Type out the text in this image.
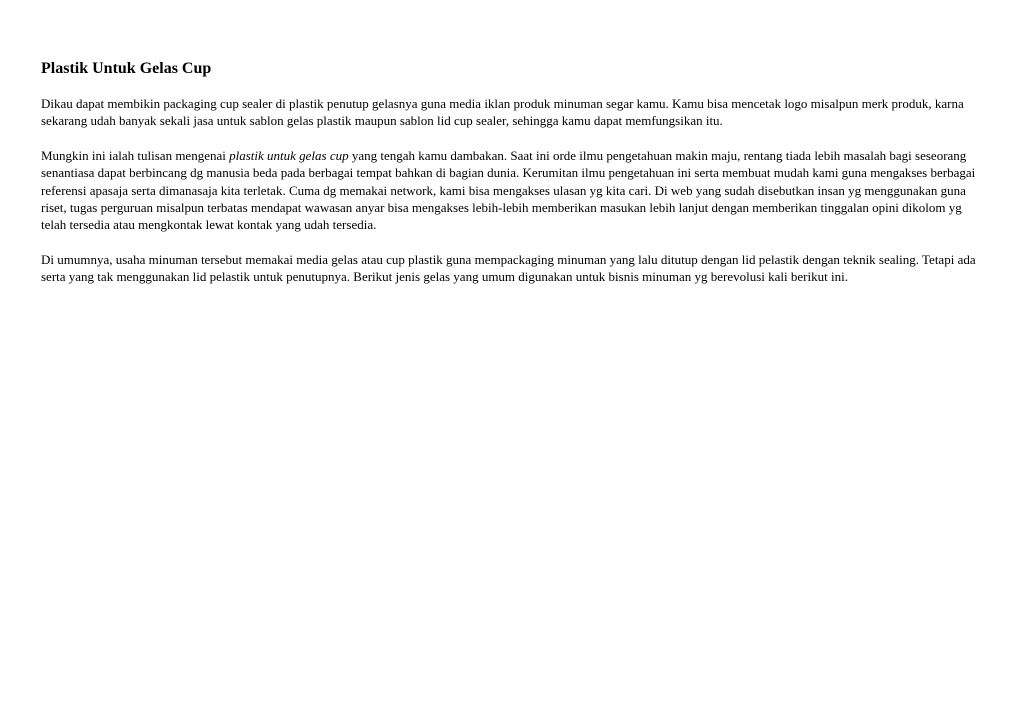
Plastik Untuk Gelas Cup

Dikau dapat membikin packaging cup sealer di plastik penutup gelasnya guna media iklan produk minuman segar kamu. Kamu bisa mencetak logo misalpun merk produk, karna sekarang udah banyak sekali jasa untuk sablon gelas plastik maupun sablon lid cup sealer, sehingga kamu dapat memfungsikan itu.

Mungkin ini ialah tulisan mengenai plastik untuk gelas cup yang tengah kamu dambakan. Saat ini orde ilmu pengetahuan makin maju, rentang tiada lebih masalah bagi seseorang senantiasa dapat berbincang dg manusia beda pada berbagai tempat bahkan di bagian dunia. Kerumitan ilmu pengetahuan ini serta membuat mudah kami guna mengakses berbagai referensi apasaja serta dimanasaja kita terletak. Cuma dg memakai network, kami bisa mengakses ulasan yg kita cari. Di web yang sudah disebutkan insan yg menggunakan guna riset, tugas perguruan misalpun terbatas mendapat wawasan anyar bisa mengakses lebih-lebih memberikan masukan lebih lanjut dengan memberikan tinggalan opini dikolom yg telah tersedia atau mengkontak lewat kontak yang udah tersedia.

Di umumnya, usaha minuman tersebut memakai media gelas atau cup plastik guna mempackaging minuman yang lalu ditutup dengan lid pelastik dengan teknik sealing. Tetapi ada serta yang tak menggunakan lid pelastik untuk penutupnya. Berikut jenis gelas yang umum digunakan untuk bisnis minuman yg berevolusi kali berikut ini.
